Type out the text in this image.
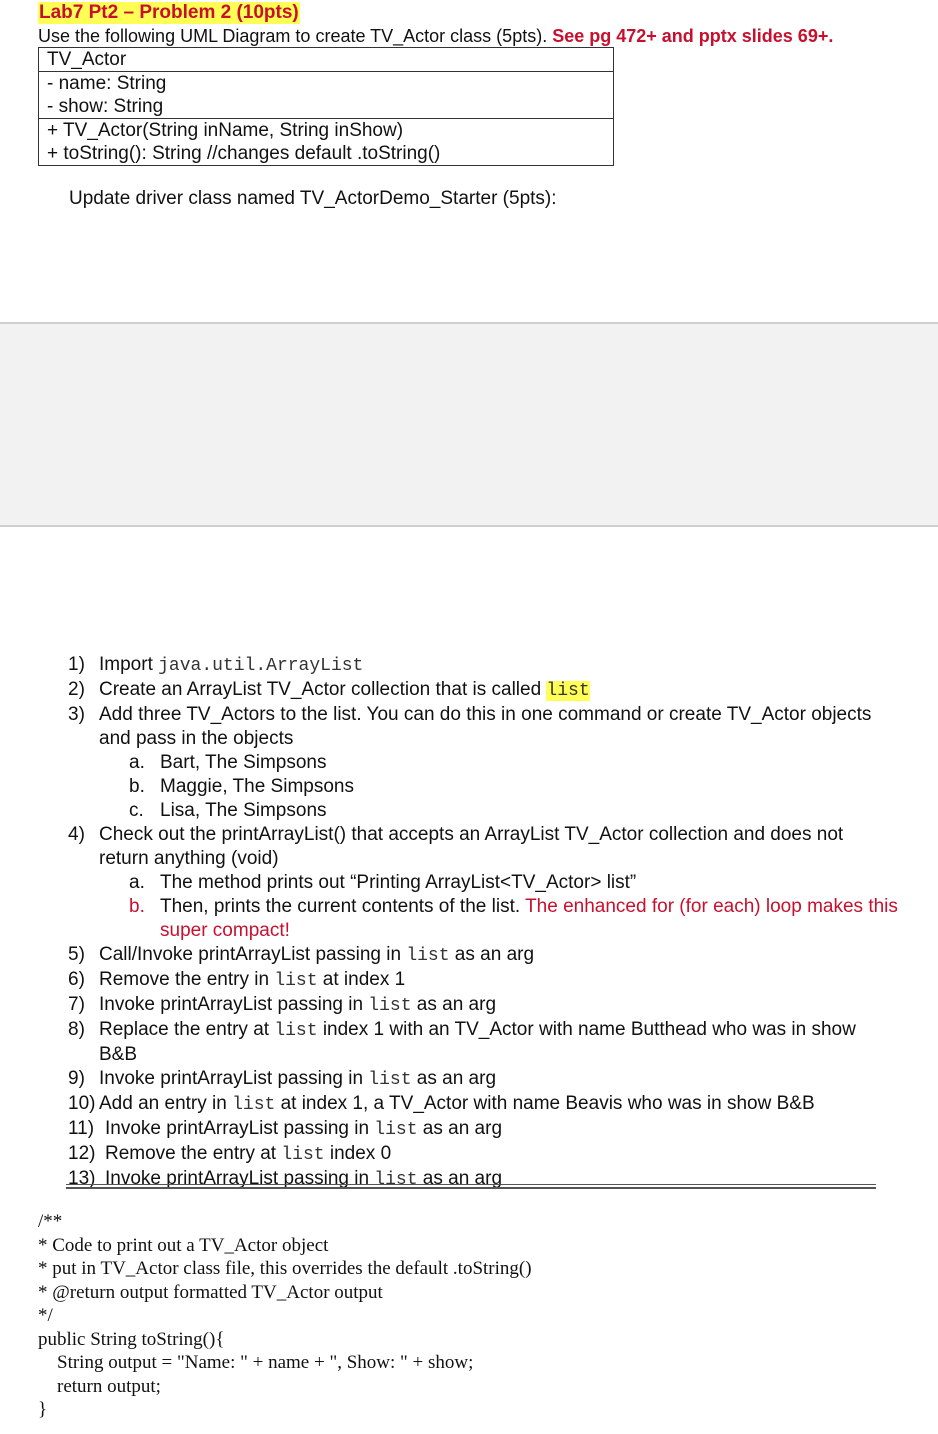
Lab7 Pt2 – Problem 2 (10pts)
Use the following UML Diagram to create TV_Actor class (5pts). See pg 472+ and pptx slides 69+.
TV_Actor
- name: String
- show: String
+ TV_Actor(String inName, String inShow)
+ toString(): String //changes default .toString()
Update driver class named TV_ActorDemo_Starter (5pts):
1) Import java.util.ArrayList
2) Create an ArrayList TV_Actor collection that is called list
3) Add three TV_Actors to the list. You can do this in one command or create TV_Actor objects and pass in the objects
a. Bart, The Simpsons
b. Maggie, The Simpsons
c. Lisa, The Simpsons
4) Check out the printArrayList() that accepts an ArrayList TV_Actor collection and does not return anything (void)
a. The method prints out “Printing ArrayList<TV_Actor> list”
b. Then, prints the current contents of the list. The enhanced for (for each) loop makes this super compact!
5) Call/Invoke printArrayList passing in list as an arg
6) Remove the entry in list at index 1
7) Invoke printArrayList passing in list as an arg
8) Replace the entry at list index 1 with an TV_Actor with name Butthead who was in show B&B
9) Invoke printArrayList passing in list as an arg
10) Add an entry in list at index 1, a TV_Actor with name Beavis who was in show B&B
11) Invoke printArrayList passing in list as an arg
12) Remove the entry at list index 0
13) Invoke printArrayList passing in list as an arg
/**
* Code to print out a TV_Actor object
* put in TV_Actor class file, this overrides the default .toString()
* @return output formatted TV_Actor output
*/
public String toString(){
String output = "Name: " + name + ", Show: " + show;
return output;
}
